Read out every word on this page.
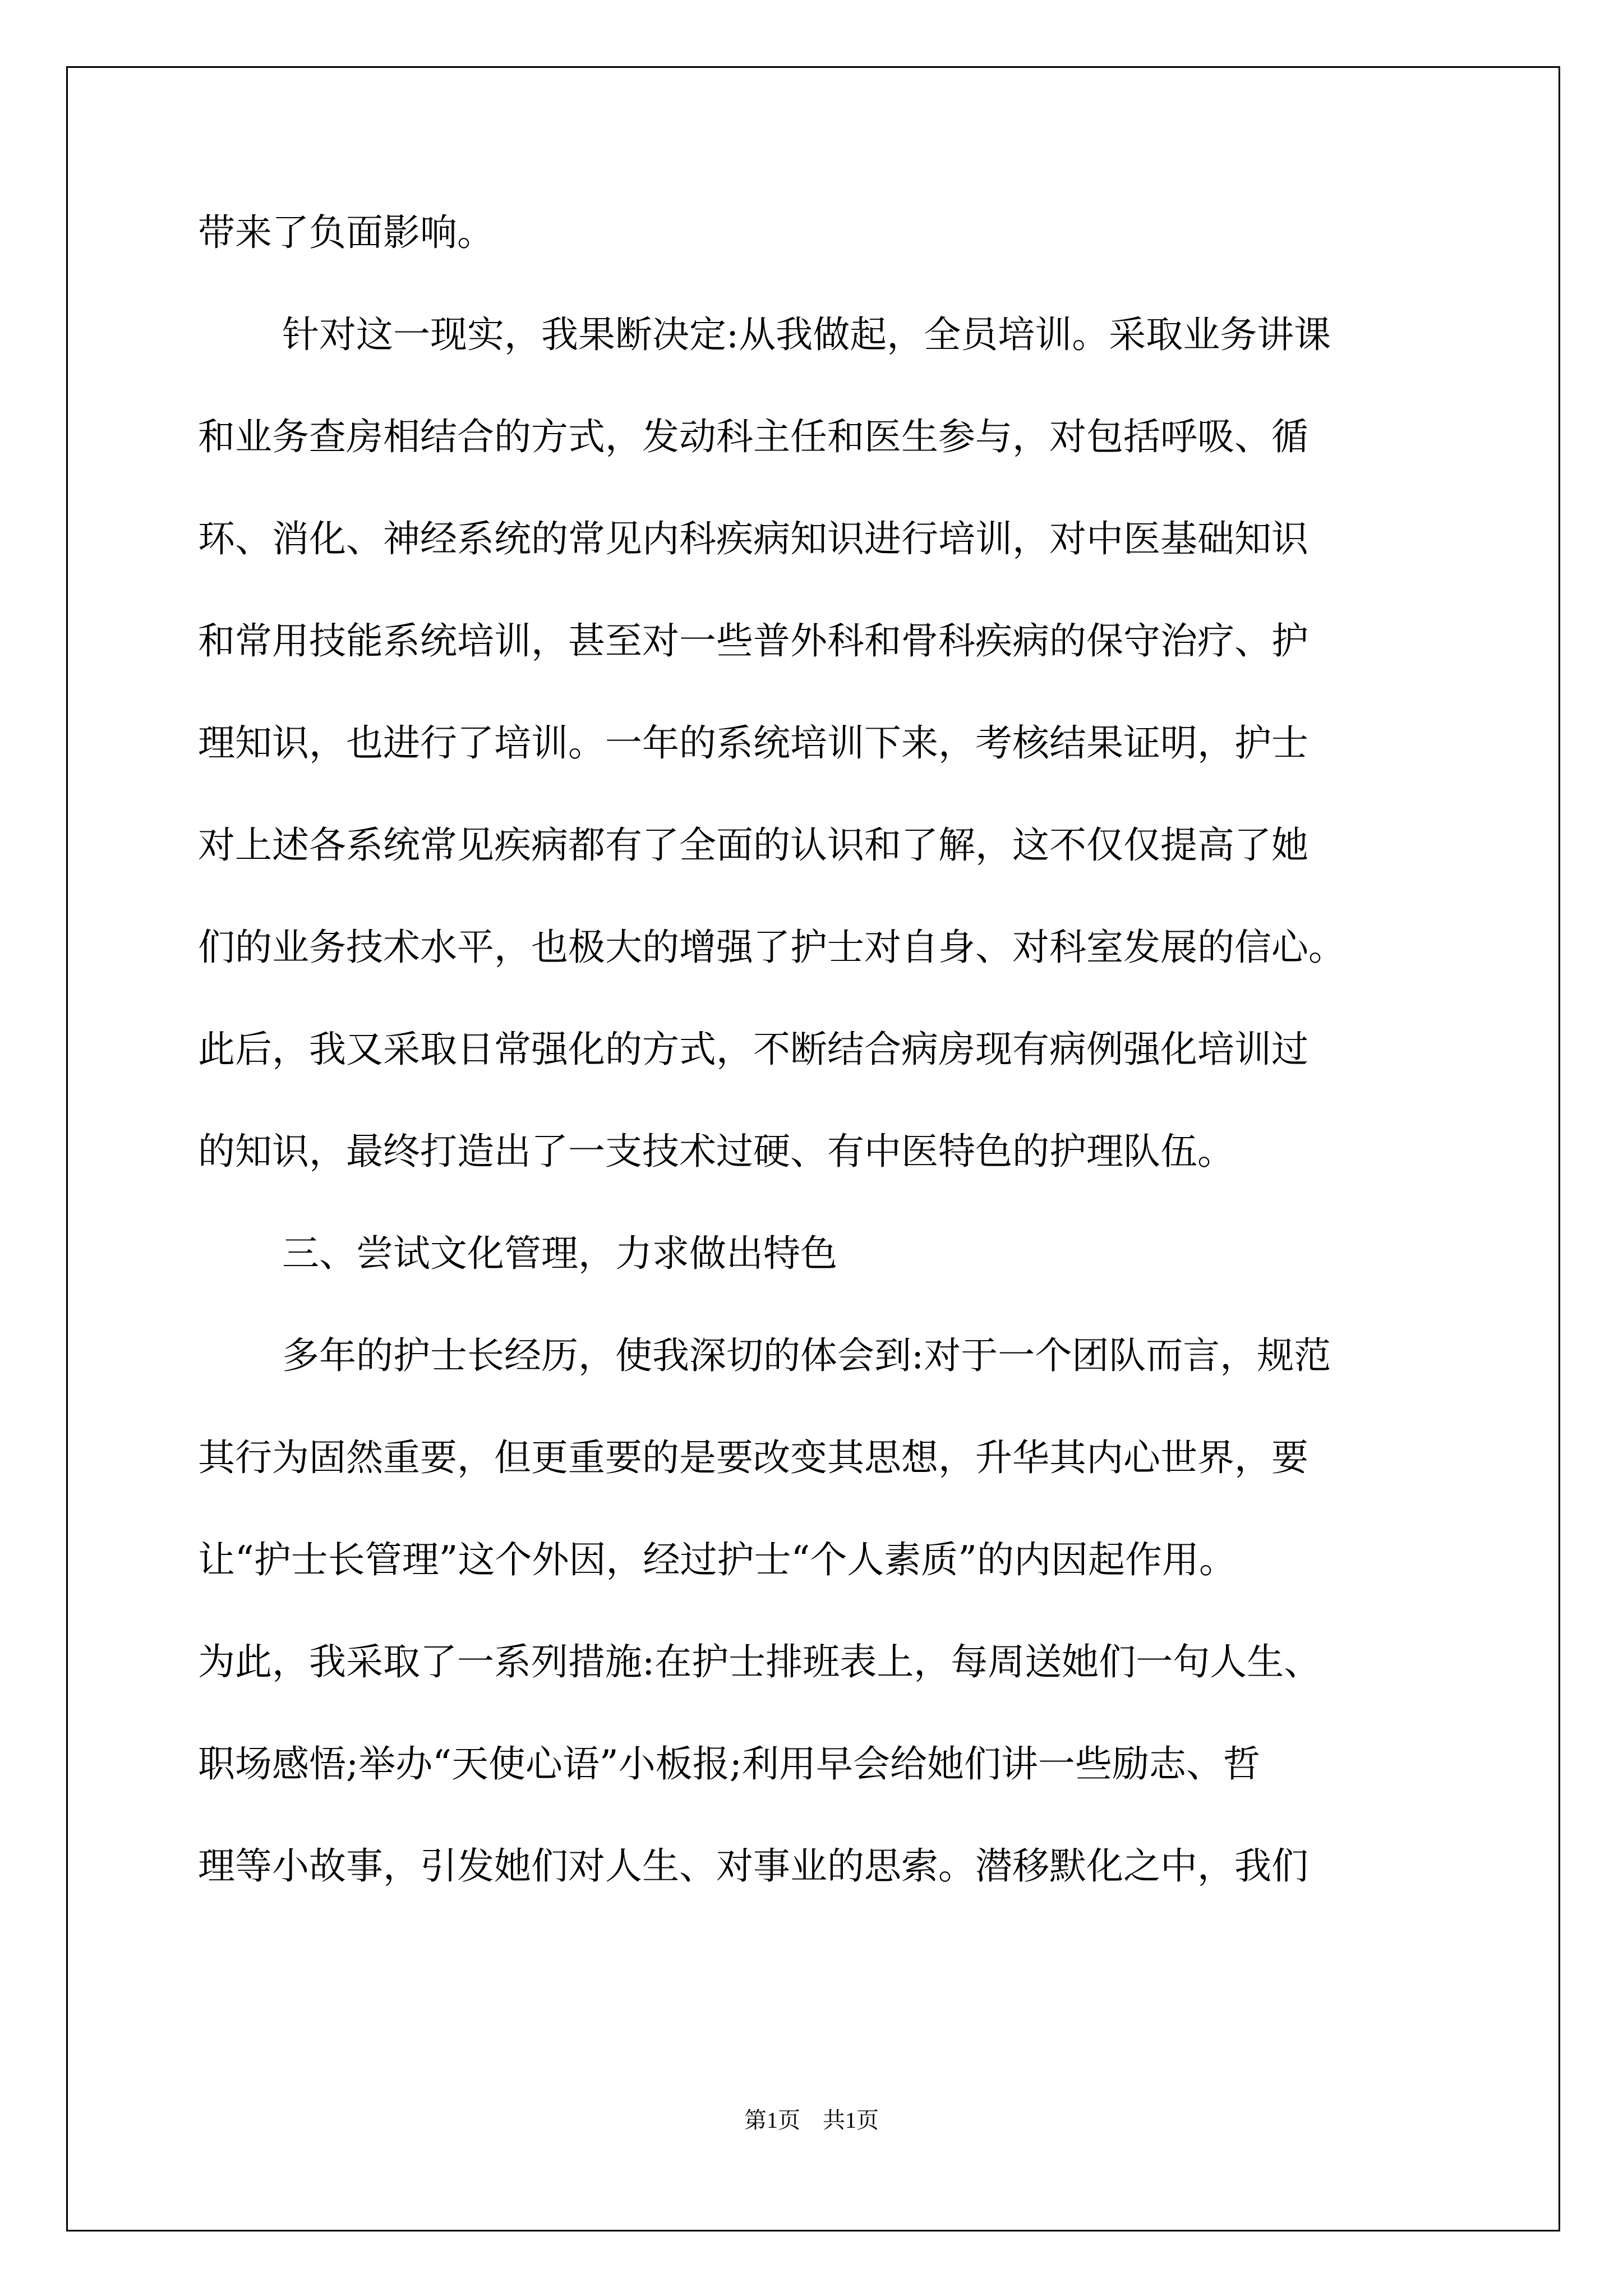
带来了负面影响。
针对这一现实，我果断决定:从我做起，全员培训。采取业务讲课
和业务查房相结合的方式，发动科主任和医生参与，对包括呼吸、循
环、消化、神经系统的常见内科疾病知识进行培训，对中医基础知识
和常用技能系统培训，甚至对一些普外科和骨科疾病的保守治疗、护
理知识，也进行了培训。一年的系统培训下来，考核结果证明，护士
对上述各系统常见疾病都有了全面的认识和了解，这不仅仅提高了她
们的业务技术水平，也极大的增强了护士对自身、对科室发展的信心。
此后，我又采取日常强化的方式，不断结合病房现有病例强化培训过
的知识，最终打造出了一支技术过硬、有中医特色的护理队伍。
三、尝试文化管理，力求做出特色
多年的护士长经历，使我深切的体会到:对于一个团队而言，规范
其行为固然重要，但更重要的是要改变其思想，升华其内心世界，要
让“护士长管理”这个外因，经过护士“个人素质”的内因起作用。
为此，我采取了一系列措施:在护士排班表上，每周送她们一句人生、
职场感悟;举办“天使心语”小板报;利用早会给她们讲一些励志、哲
理等小故事，引发她们对人生、对事业的思索。潜移默化之中，我们
第1页　共1页
